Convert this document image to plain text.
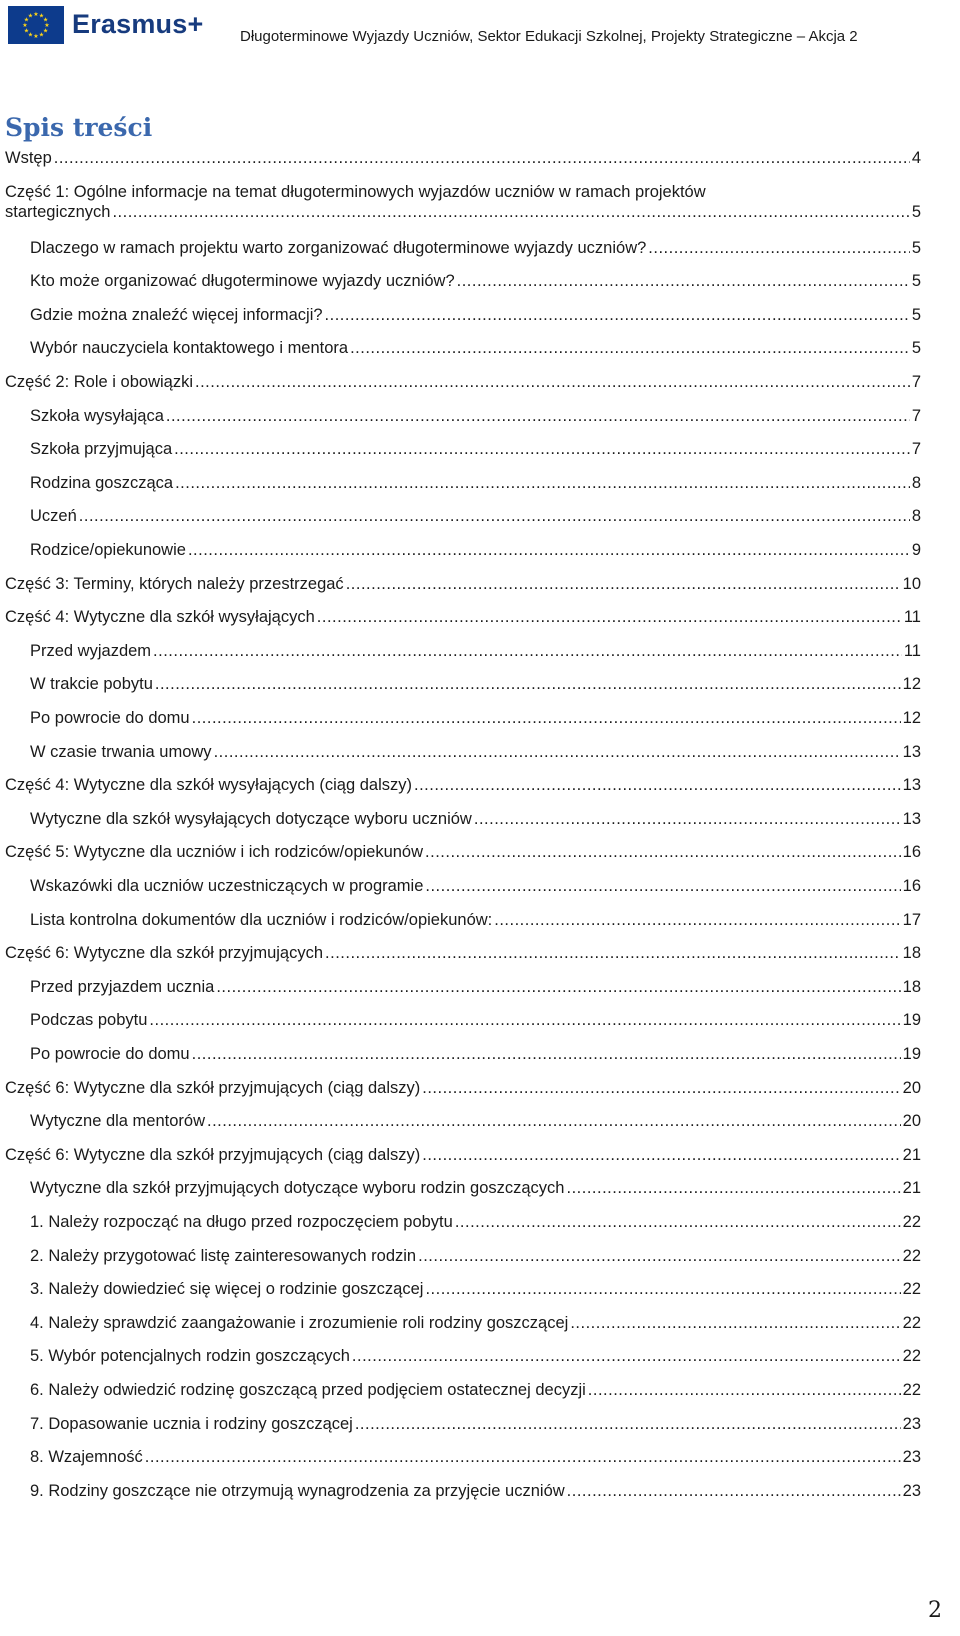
★ ★
★
★
★
★
★
★
★
★
★
★ Erasmus+ Długoterminowe Wyjazdy Uczniów, Sektor Edukacji Szkolnej, Projekty Strategiczne – Akcja 2
Spis treści
Wstęp .....	4
Część 1: Ogólne informacje na temat długoterminowych wyjazdów uczniów w ramach projektów
startegicznych .....	5
Dlaczego w ramach projektu warto zorganizować długoterminowe wyjazdy uczniów? .....	5
Kto może organizować długoterminowe wyjazdy uczniów? .....	5
Gdzie można znaleźć więcej informacji? .....	5
Wybór nauczyciela kontaktowego i mentora .....	5
Część 2: Role i obowiązki .....	7
Szkoła wysyłająca .....	7
Szkoła przyjmująca .....	7
Rodzina goszcząca .....	8
Uczeń .....	8
Rodzice/opiekunowie .....	9
Część 3: Terminy, których należy przestrzegać .....	10
Część 4: Wytyczne dla szkół wysyłających .....	11
Przed wyjazdem .....	11
W trakcie pobytu .....	12
Po powrocie do domu .....	12
W czasie trwania umowy .....	13
Część 4: Wytyczne dla szkół wysyłających (ciąg dalszy) .....	13
Wytyczne dla szkół wysyłających dotyczące wyboru uczniów .....	13
Część 5: Wytyczne dla uczniów i ich rodziców/opiekunów .....	16
Wskazówki dla uczniów uczestniczących w programie .....	16
Lista kontrolna dokumentów dla uczniów i rodziców/opiekunów: .....	17
Część 6: Wytyczne dla szkół przyjmujących .....	18
Przed przyjazdem ucznia .....	18
Podczas pobytu .....	19
Po powrocie do domu .....	19
Część 6: Wytyczne dla szkół przyjmujących (ciąg dalszy) .....	20
Wytyczne dla mentorów .....	20
Część 6: Wytyczne dla szkół przyjmujących (ciąg dalszy) .....	21
Wytyczne dla szkół przyjmujących dotyczące wyboru rodzin goszczących .....	21
1. Należy rozpocząć na długo przed rozpoczęciem pobytu .....	22
2. Należy przygotować listę zainteresowanych rodzin .....	22
3. Należy dowiedzieć się więcej o rodzinie goszczącej .....	22
4. Należy sprawdzić zaangażowanie i zrozumienie roli rodziny goszczącej .....	22
5. Wybór potencjalnych rodzin goszczących .....	22
6. Należy odwiedzić rodzinę goszczącą przed podjęciem ostatecznej decyzji .....	22
7. Dopasowanie ucznia i rodziny goszczącej .....	23
8. Wzajemność .....	23
9. Rodziny goszczące nie otrzymują wynagrodzenia za przyjęcie uczniów .....	23
2
